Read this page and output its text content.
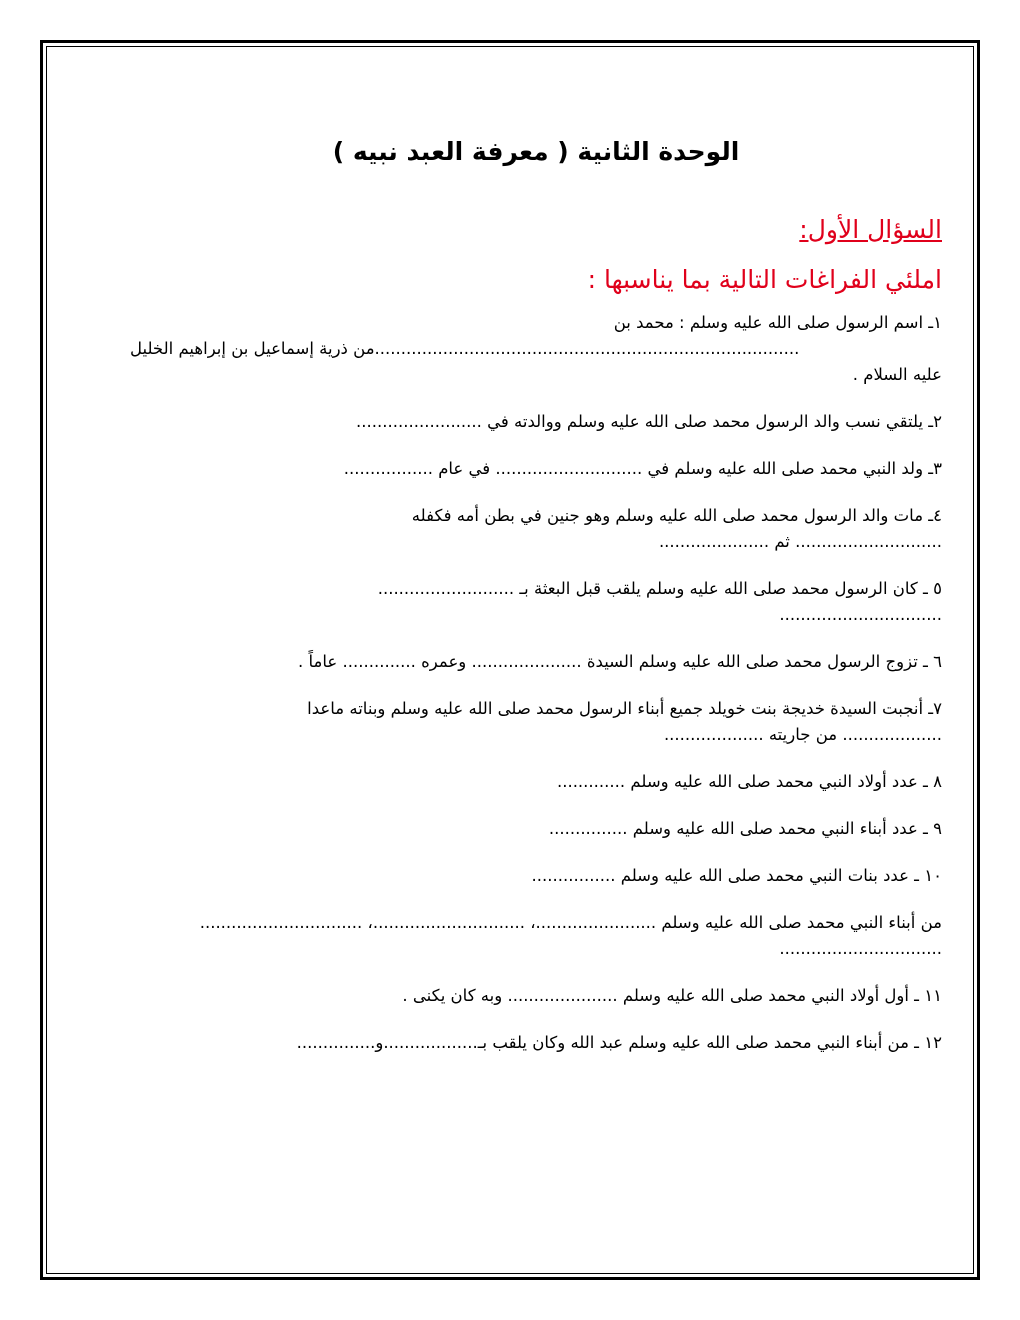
الوحدة الثانية ( معرفة العبد نبيه )
السؤال الأول:
املئي الفراغات التالية بما يناسبها :
١ـ اسم الرسول صلى الله عليه وسلم : محمد بن
.................................................................................من ذرية إسماعيل بن إبراهيم الخليل
عليه السلام .
٢ـ يلتقي نسب والد الرسول محمد صلى الله عليه وسلم ووالدته في ........................
٣ـ ولد النبي محمد صلى الله عليه وسلم في ............................ في عام .................
٤ـ مات والد الرسول محمد صلى الله عليه وسلم وهو جنين في بطن أمه فكفله
............................ ثم .....................
٥ ـ كان الرسول محمد صلى الله عليه وسلم يلقب قبل البعثة بـ ..........................
...............................
٦ ـ تزوج الرسول محمد صلى الله عليه وسلم السيدة ..................... وعمره .............. عاماً .
٧ـ أنجبت السيدة خديجة بنت خويلد جميع أبناء الرسول محمد صلى الله عليه وسلم وبناته ماعدا
................... من جاريته ...................
٨ ـ عدد أولاد النبي محمد صلى الله عليه وسلم .............
٩ ـ عدد أبناء النبي محمد صلى الله عليه وسلم ...............
١٠ ـ عدد بنات النبي محمد صلى الله عليه وسلم ................
من أبناء النبي محمد صلى الله عليه وسلم .......................، .............................، ...............................
...............................
١١ ـ أول أولاد النبي محمد صلى الله عليه وسلم ..................... وبه كان يكنى .
١٢ ـ من أبناء النبي محمد صلى الله عليه وسلم عبد الله وكان يلقب بـ..................و...............
